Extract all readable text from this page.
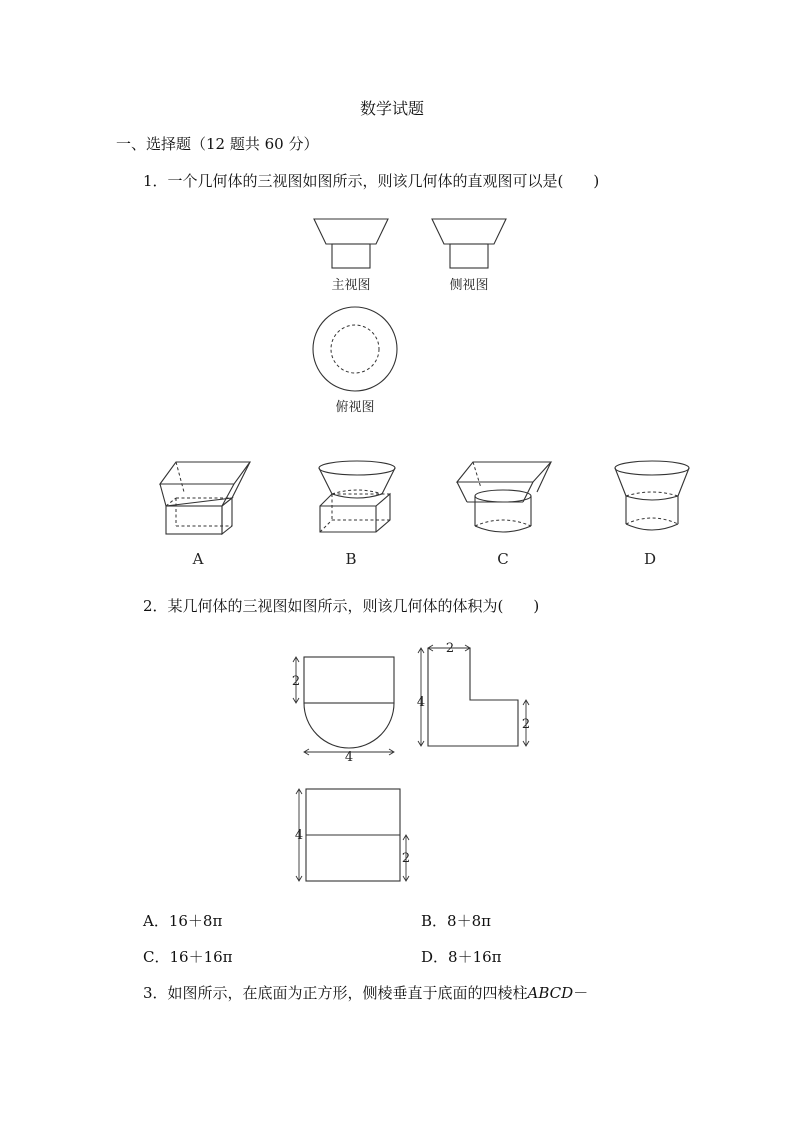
数学试题
一、选择题（12 题共 60 分）
1．一个几何体的三视图如图所示，则该几何体的直观图可以是(　　)
主视图	侧视图
俯视图
A	B	C	D
2．某几何体的三视图如图所示，则该几何体的体积为(　　)
2
4
2
4
2
4
2
A．16＋8π	B．8＋8π
C．16＋16π	D．8＋16π
3．如图所示，在底面为正方形，侧棱垂直于底面的四棱柱ABCD－
